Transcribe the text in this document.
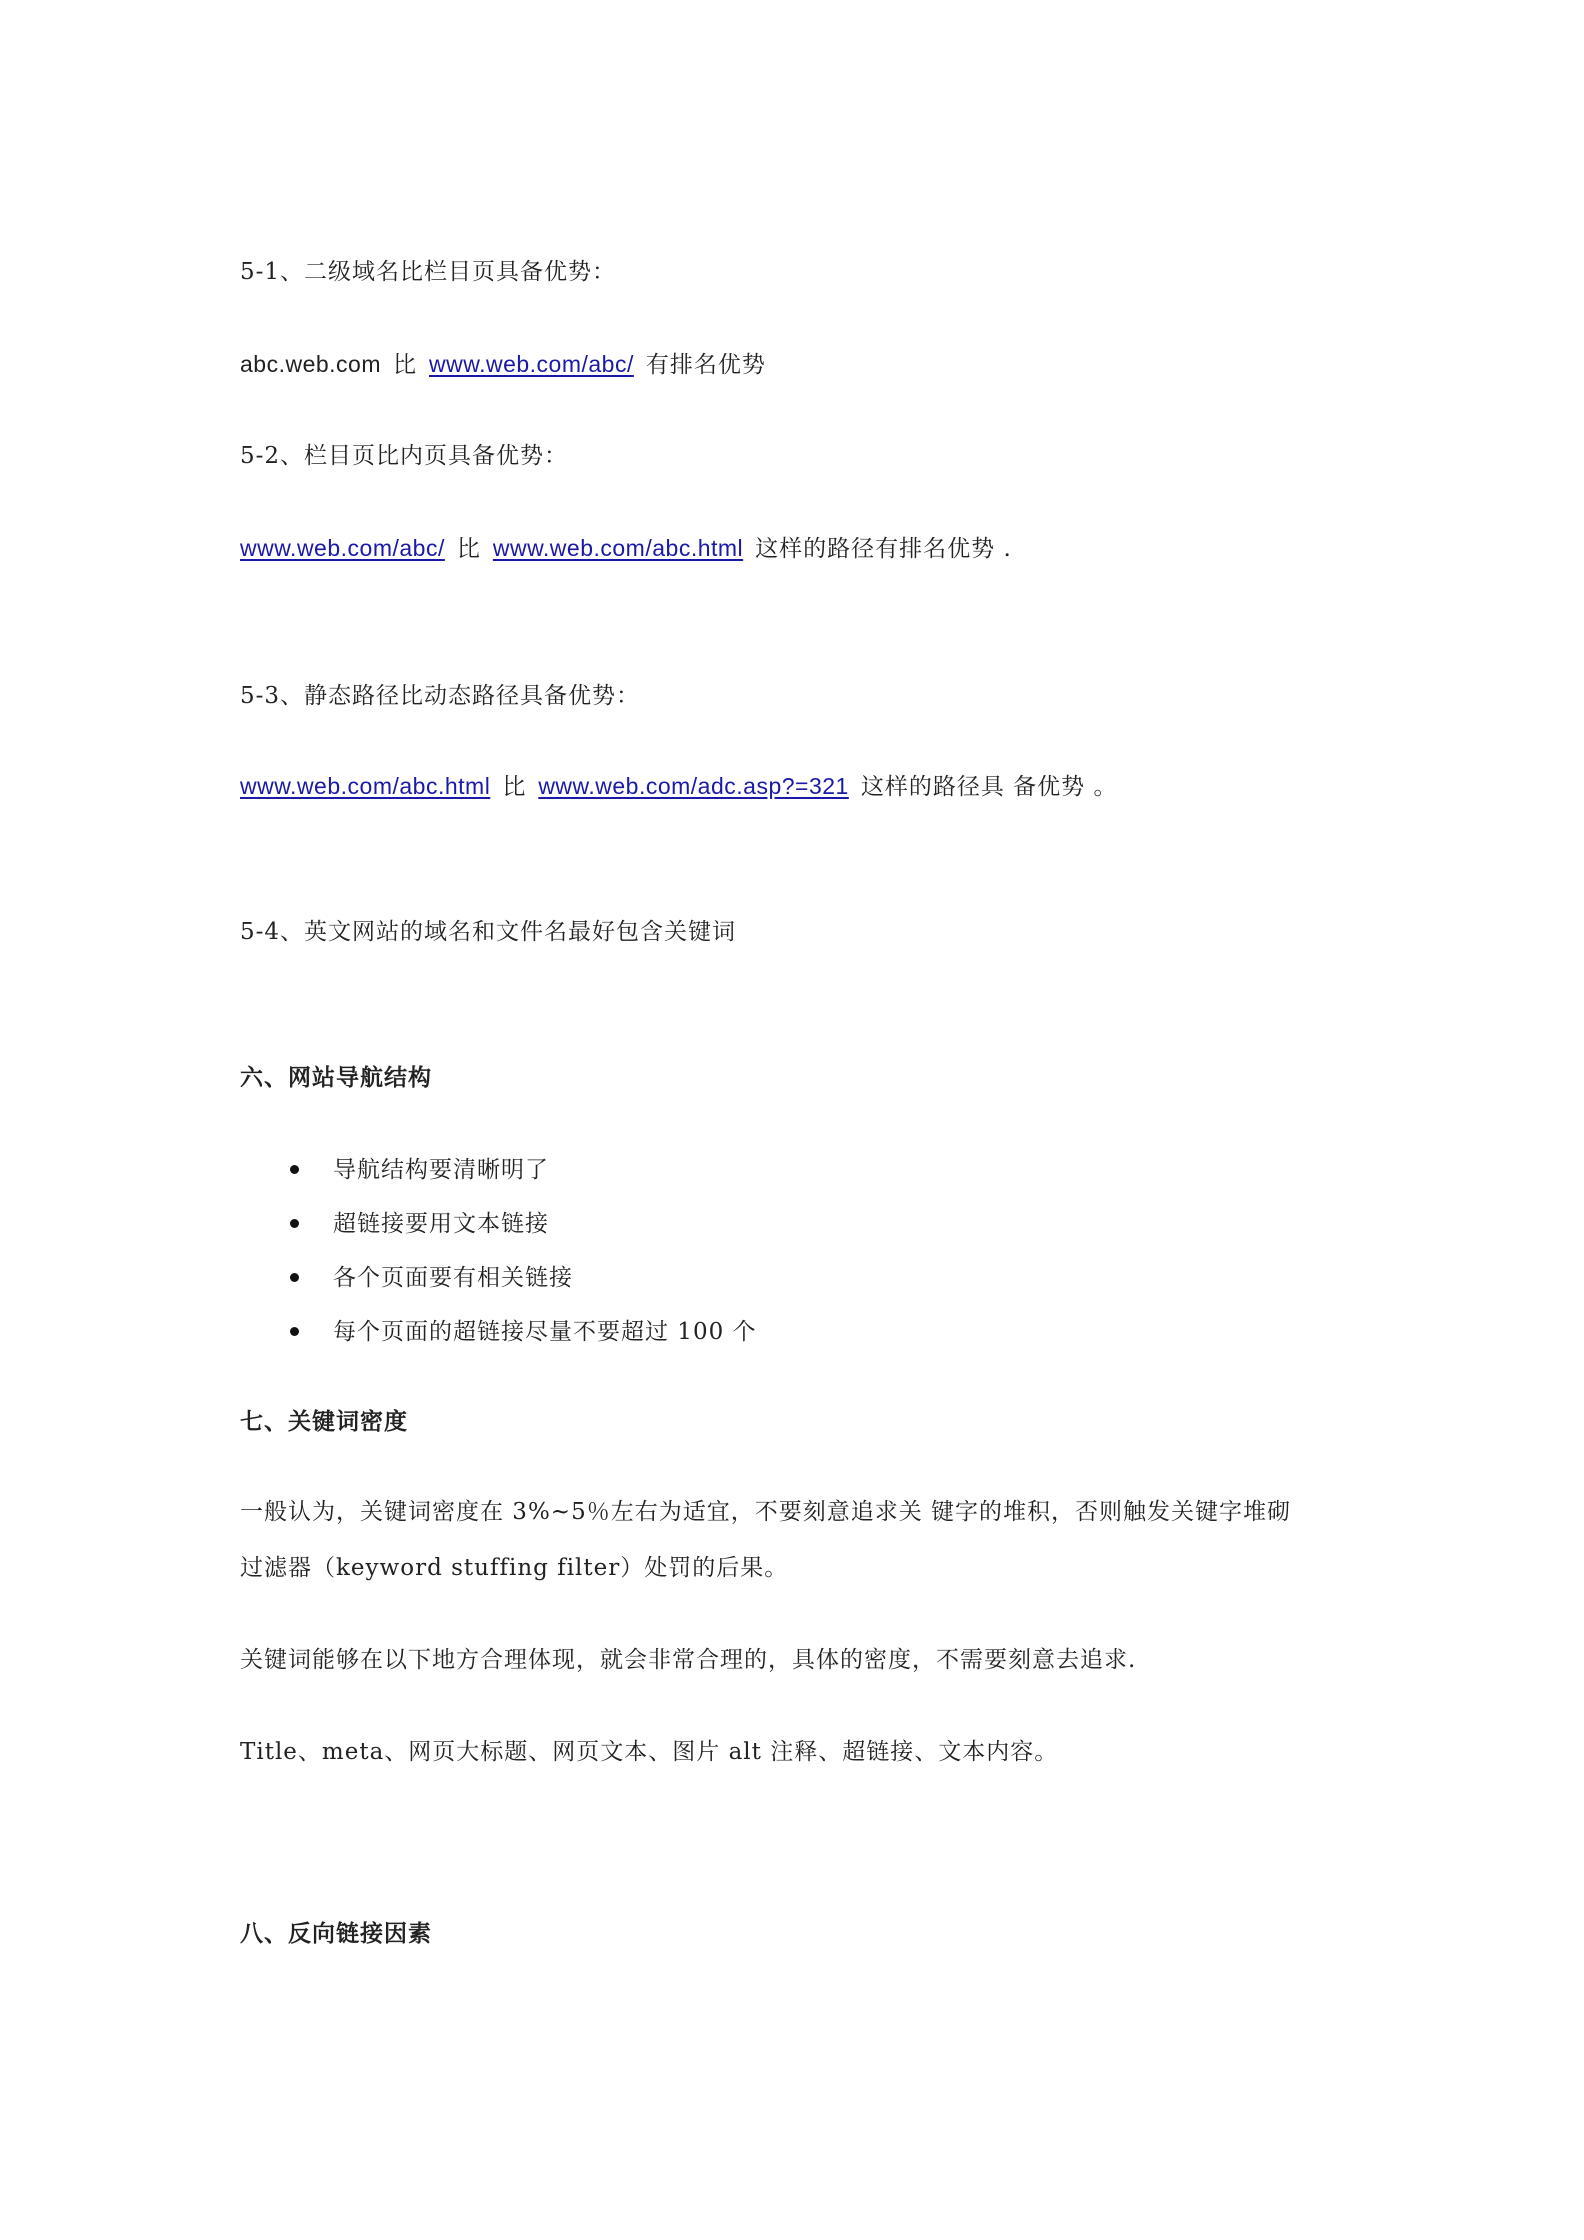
5-1、二级域名比栏目页具备优势：
abc.web.com 比 www.web.com/abc/ 有排名优势
5-2、栏目页比内页具备优势：
www.web.com/abc/ 比 www.web.com/abc.html 这样的路径有排名优势 .
5-3、静态路径比动态路径具备优势：
www.web.com/abc.html 比 www.web.com/adc.asp?=321 这样的路径具 备优势 。
5-4、英文网站的域名和文件名最好包含关键词
六、网站导航结构
导航结构要清晰明了
超链接要用文本链接
各个页面要有相关链接
每个页面的超链接尽量不要超过 100 个
七、关键词密度
一般认为，关键词密度在 3%~5％左右为适宜，不要刻意追求关 键字的堆积，否则触发关键字堆砌
过滤器（keyword stuffing filter）处罚的后果。
关键词能够在以下地方合理体现，就会非常合理的，具体的密度，不需要刻意去追求.
Title、meta、网页大标题、网页文本、图片 alt 注释、超链接、文本内容。
八、反向链接因素
